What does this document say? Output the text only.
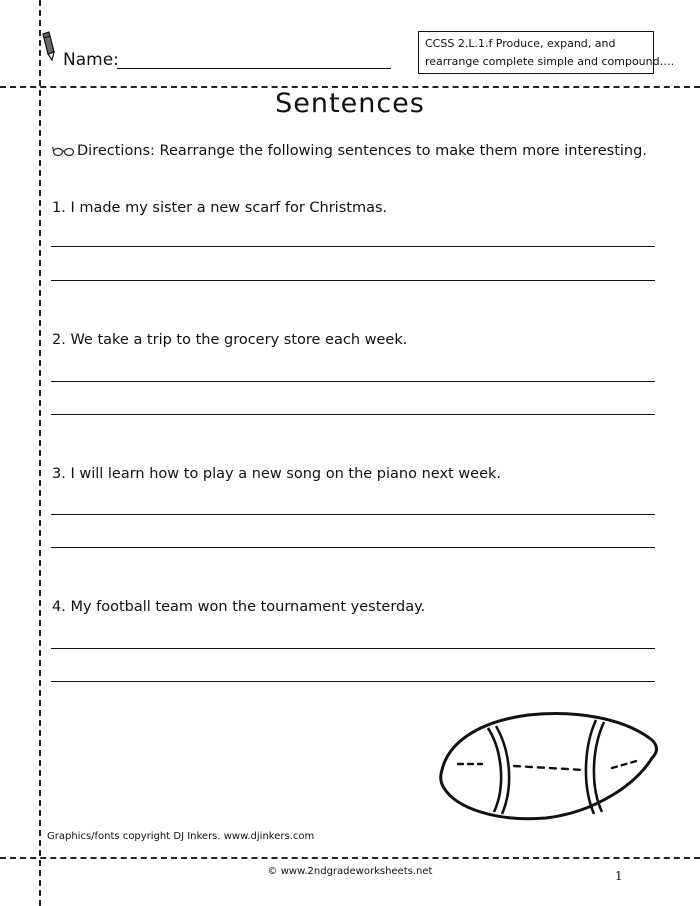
Name:
CCSS 2.L.1.f Produce, expand, and
rearrange complete simple and compound….
Sentences
Directions: Rearrange the following sentences to make them more interesting.
1. I made my sister a new scarf for Christmas.
2. We take a trip to the grocery store each week.
3. I will learn how to play a new song on the piano next week.
4. My football team won the tournament yesterday.
Graphics/fonts copyright DJ Inkers. www.djinkers.com
© www.2ndgradeworksheets.net	1
